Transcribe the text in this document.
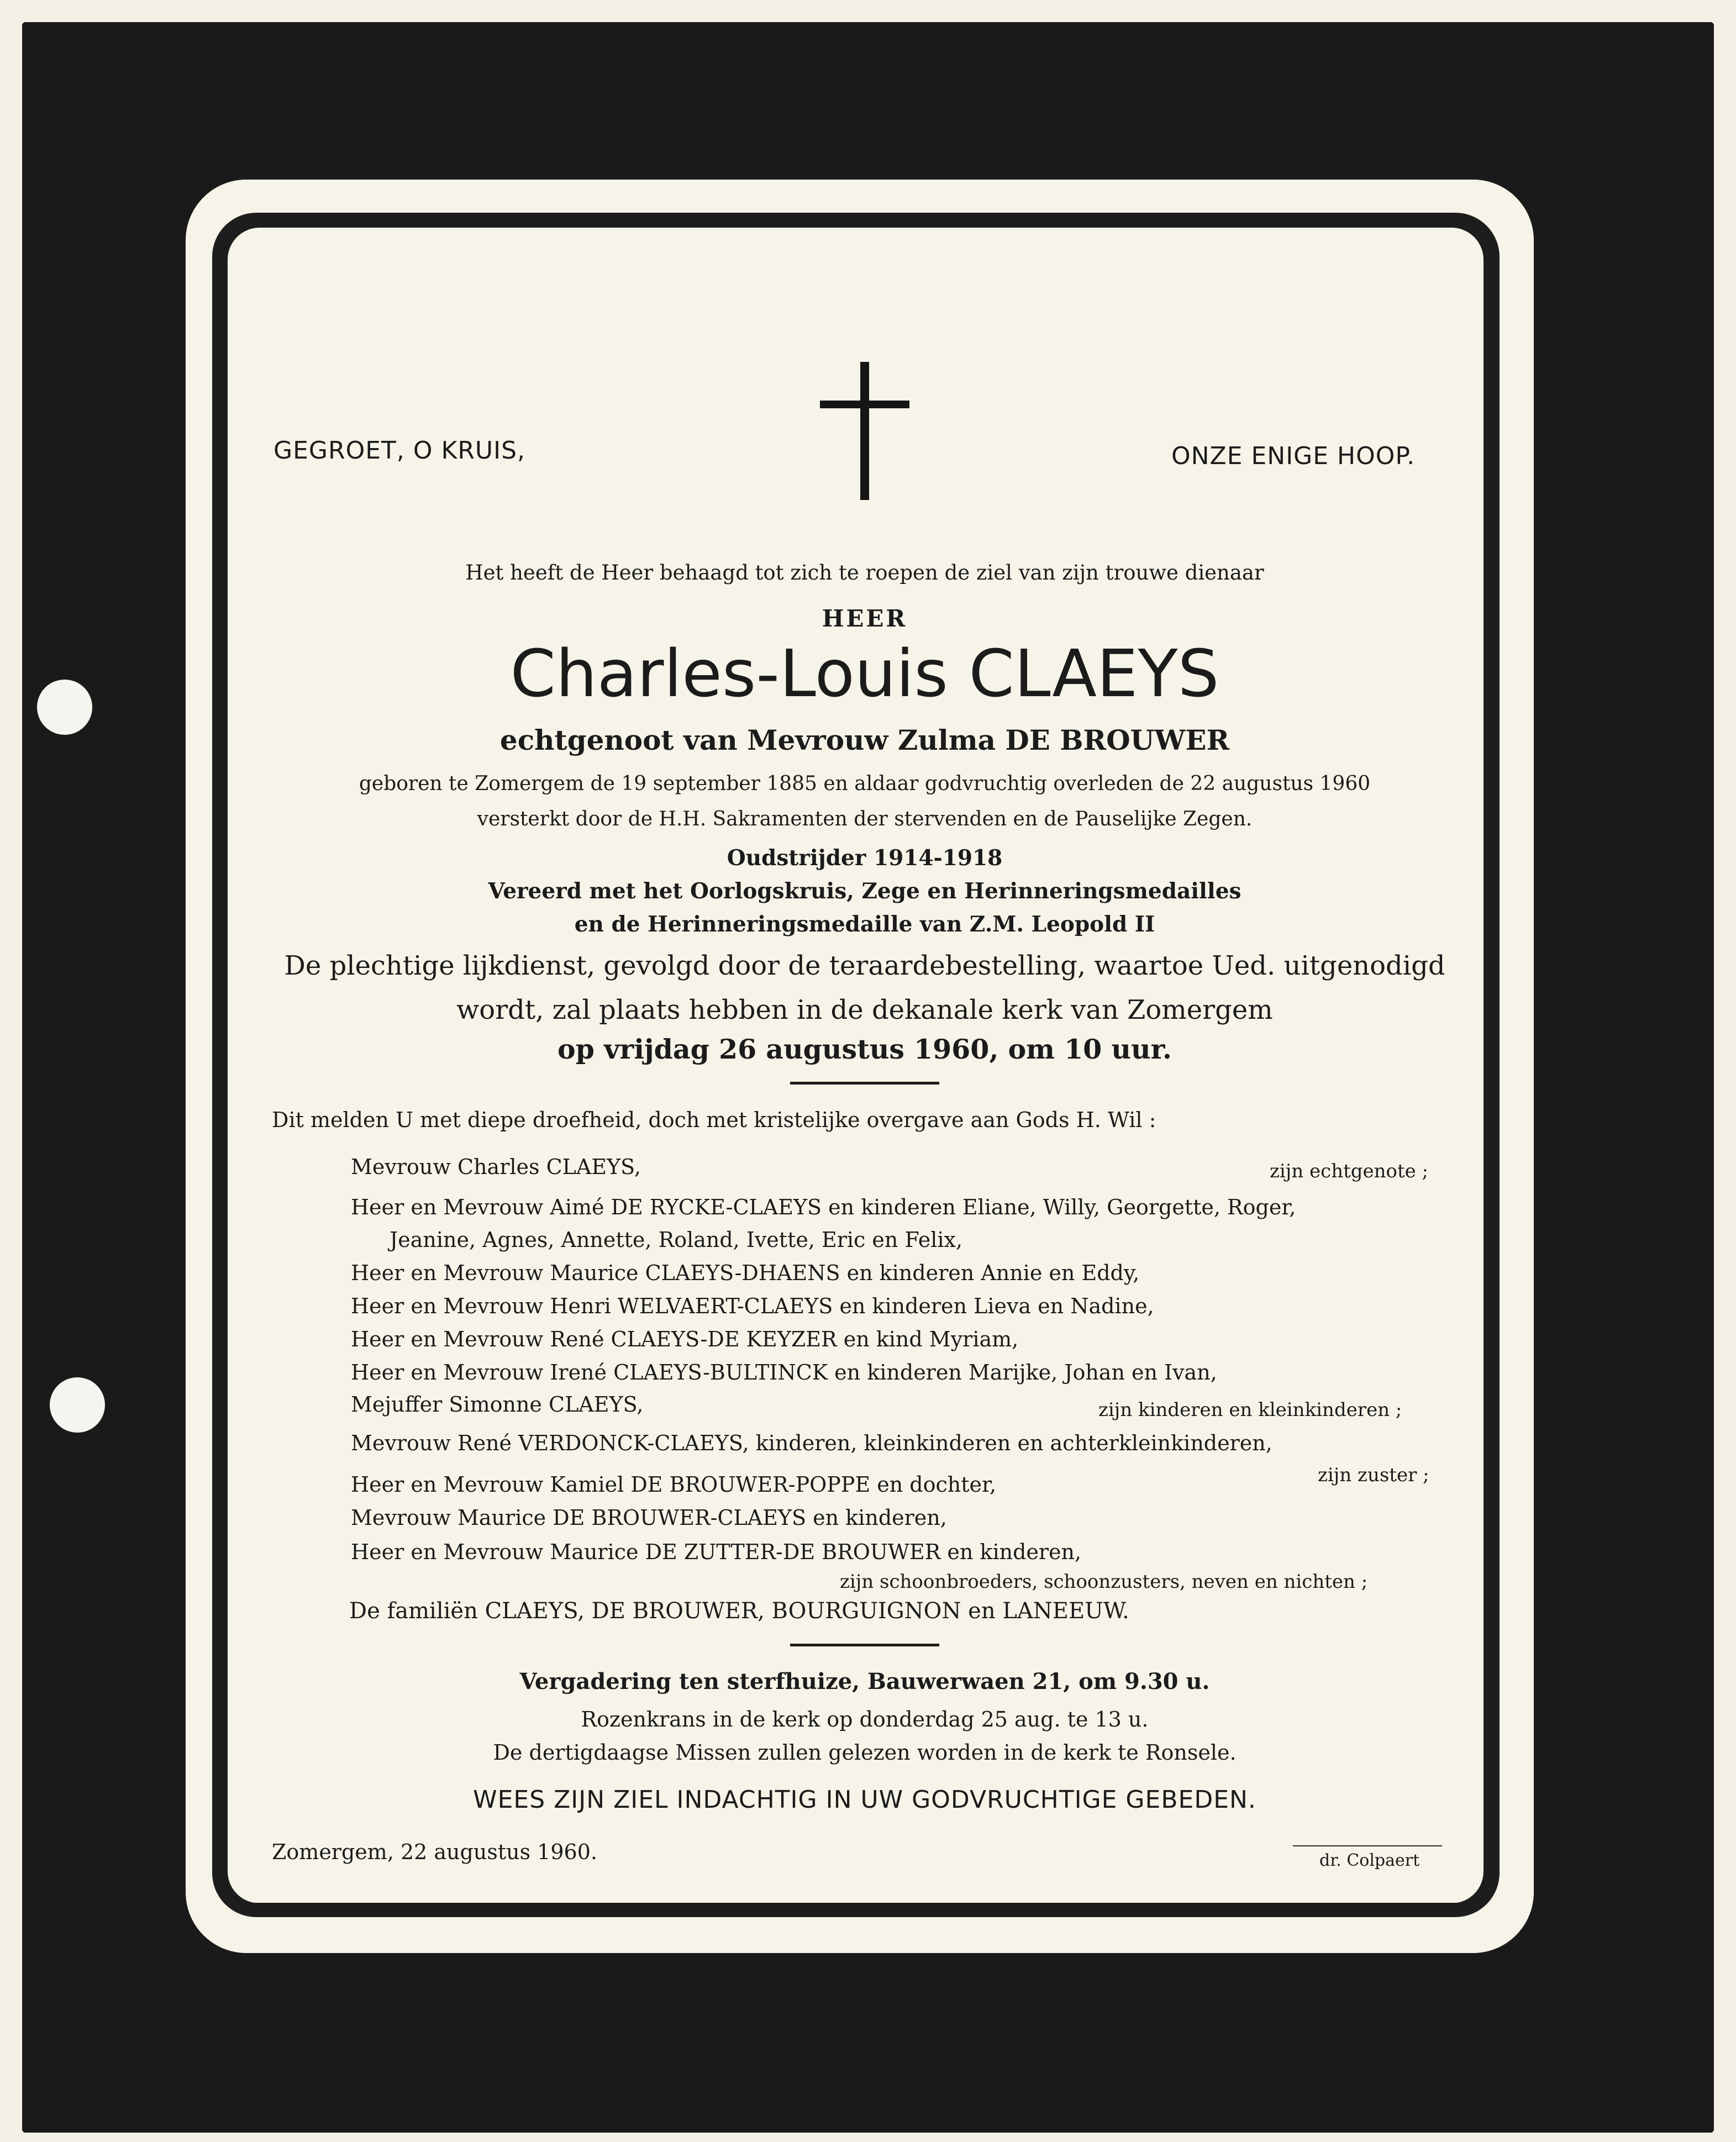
GEGROET, O KRUIS,	ONZE ENIGE HOOP.
Het heeft de Heer behaagd tot zich te roepen de ziel van zijn trouwe dienaar
HEER
Charles-Louis CLAEYS
echtgenoot van Mevrouw Zulma DE BROUWER
geboren te Zomergem de 19 september 1885 en aldaar godvruchtig overleden de 22 augustus 1960
versterkt door de H.H. Sakramenten der stervenden en de Pauselijke Zegen.
Oudstrijder 1914-1918
Vereerd met het Oorlogskruis, Zege en Herinneringsmedailles
en de Herinneringsmedaille van Z.M. Leopold II
De plechtige lijkdienst, gevolgd door de teraardebestelling, waartoe Ued. uitgenodigd
wordt, zal plaats hebben in de dekanale kerk van Zomergem
op vrijdag 26 augustus 1960, om 10 uur.
Dit melden U met diepe droefheid, doch met kristelijke overgave aan Gods H. Wil :
Mevrouw Charles CLAEYS,	zijn echtgenote ;
Heer en Mevrouw Aimé DE RYCKE-CLAEYS en kinderen Eliane, Willy, Georgette, Roger,
Jeanine, Agnes, Annette, Roland, Ivette, Eric en Felix,
Heer en Mevrouw Maurice CLAEYS-DHAENS en kinderen Annie en Eddy,
Heer en Mevrouw Henri WELVAERT-CLAEYS en kinderen Lieva en Nadine,
Heer en Mevrouw René CLAEYS-DE KEYZER en kind Myriam,
Heer en Mevrouw Irené CLAEYS-BULTINCK en kinderen Marijke, Johan en Ivan,
Mejuffer Simonne CLAEYS,	zijn kinderen en kleinkinderen ;
Mevrouw René VERDONCK-CLAEYS, kinderen, kleinkinderen en achterkleinkinderen,
zijn zuster ;
Heer en Mevrouw Kamiel DE BROUWER-POPPE en dochter,
Mevrouw Maurice DE BROUWER-CLAEYS en kinderen,
Heer en Mevrouw Maurice DE ZUTTER-DE BROUWER en kinderen,
zijn schoonbroeders, schoonzusters, neven en nichten ;
De familiën CLAEYS, DE BROUWER, BOURGUIGNON en LANEEUW.
Vergadering ten sterfhuize, Bauwerwaen 21, om 9.30 u.
Rozenkrans in de kerk op donderdag 25 aug. te 13 u.
De dertigdaagse Missen zullen gelezen worden in de kerk te Ronsele.
WEES ZIJN ZIEL INDACHTIG IN UW GODVRUCHTIGE GEBEDEN.
Zomergem, 22 augustus 1960.	dr. Colpaert
